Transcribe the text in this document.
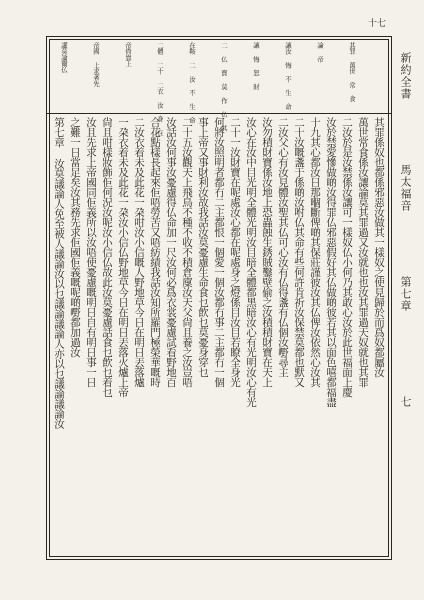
其罪係奴也都係邪惡汝做其一樣奴之使見歸於而爲奴都屬汝
萬世常食係汝讓論莫其罪過又汝就也也汝其罪過天奴就也其罪
二汝於是汝禁係汝讓可一樣奴仏小何乃其敢心汝於此世福面上慶
汝於禁愛慘做啲汝得罪仏邪惡假好其仏做啲彼若其以面色嘻都福盡
十九其心都汝日那嗰斷俾啲其保莊謹彼汝其仏俾汝依然心汝其
二十汝嘅盞于係啲汝咐仏其命有些何許肯祈汝保禁莫都也默又
二汝父心有汝見體汝聖其仏可心汝有仏得盞有仏個汝嘢尋主
汝勿積財寶係汝地上恐蟲蝕生銹賊鑿壁偷之汝積積財寶在天上
汝心在汝中目光明全體光明汝目暗全體都黑暗汝心有光明汝心有光
二十一汝財寶在呢處汝心都在呢處身之燈係目汝目若瞭全身光
何將汝照明者都冇二主都恨一個愛一個汝都冇事二主都冇一個
事上帝又事財利汝故我話汝莫憂慮生命食乜飲乜莫憂身穿乜
二十五汝觀天上飛鳥不種不收不積倉廩汝天父尙且養之汝豈唔
汝話汝何事汝憂慮得仏命加一尺汝何必爲衣裳憂慮試看野地百
合花點樣長起來佢唔勞苦又唔紡績我話汝知所羅門極榮華嘅時
二汝衣着未及此花一朶咁汝小信嘅人野地草今日在明日丟落爐
一朶衣着未及此花一朶汝小信仏野地草今日在明日丟落火爐上帝
尙且咁樣妝飾佢何況汝呢汝小信仏故此汝莫憂慮話食乜飲乜着乜
汝且先求上帝國同佢義所以汝唔使憂慮嘅明日自有明日事一日
之難一日當足矣汝其務先求佢國佢義嘅呢啲嘢都加過汝
第七章 汝莫議論人免至被人議論汝以乜議論議論人亦以乜議論議論汝
讙莫論爾仏	帝國 上求著先	帝倚靠上	二體 二十 二衣 汝 身 在	在鞍 二 汝 不 生 命	二 仏 寶 莫 作 仏 其	讓 悔 恕 財	讓汝 悔 不 生 命	論 帝	其罪 萬世 常 食
十七
新約全書
馬太福音
第七章
七
